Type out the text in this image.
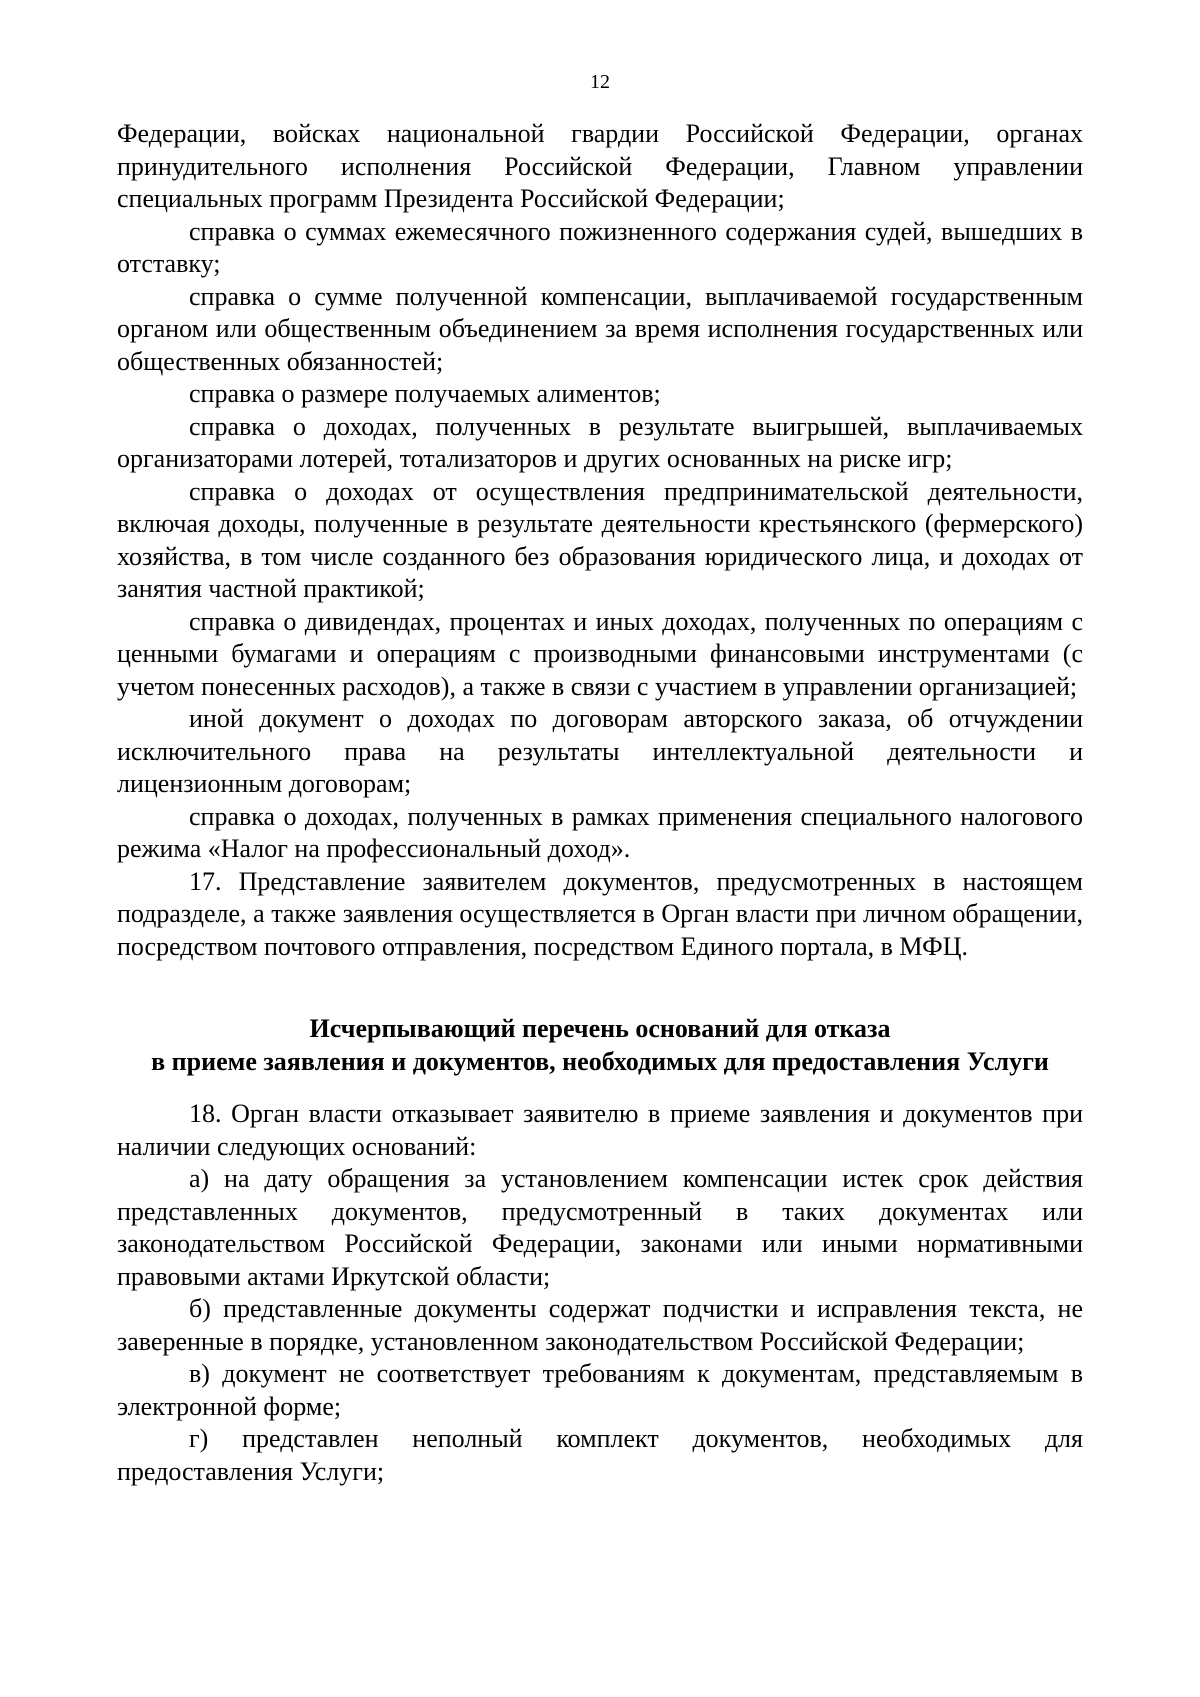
12

Федерации, войсках национальной гвардии Российской Федерации, органах принудительного исполнения Российской Федерации, Главном управлении специальных программ Президента Российской Федерации;

справка о суммах ежемесячного пожизненного содержания судей, вышедших в отставку;

справка о сумме полученной компенсации, выплачиваемой государственным органом или общественным объединением за время исполнения государственных или общественных обязанностей;

справка о размере получаемых алиментов;

справка о доходах, полученных в результате выигрышей, выплачиваемых организаторами лотерей, тотализаторов и других основанных на риске игр;

справка о доходах от осуществления предпринимательской деятельности, включая доходы, полученные в результате деятельности крестьянского (фермерского) хозяйства, в том числе созданного без образования юридического лица, и доходах от занятия частной практикой;

справка о дивидендах, процентах и иных доходах, полученных по операциям с ценными бумагами и операциям с производными финансовыми инструментами (с учетом понесенных расходов), а также в связи с участием в управлении организацией;

иной документ о доходах по договорам авторского заказа, об отчуждении исключительного права на результаты интеллектуальной деятельности и лицензионным договорам;

справка о доходах, полученных в рамках применения специального налогового режима «Налог на профессиональный доход».

17. Представление заявителем документов, предусмотренных в настоящем подразделе, а также заявления осуществляется в Орган власти при личном обращении, посредством почтового отправления, посредством Единого портала, в МФЦ.

Исчерпывающий перечень оснований для отказа
в приеме заявления и документов, необходимых для предоставления Услуги

18. Орган власти отказывает заявителю в приеме заявления и документов при наличии следующих оснований:

а) на дату обращения за установлением компенсации истек срок действия представленных документов, предусмотренный в таких документах или законодательством Российской Федерации, законами или иными нормативными правовыми актами Иркутской области;

б) представленные документы содержат подчистки и исправления текста, не заверенные в порядке, установленном законодательством Российской Федерации;

в) документ не соответствует требованиям к документам, представляемым в электронной форме;

г) представлен неполный комплект документов, необходимых для предоставления Услуги;
